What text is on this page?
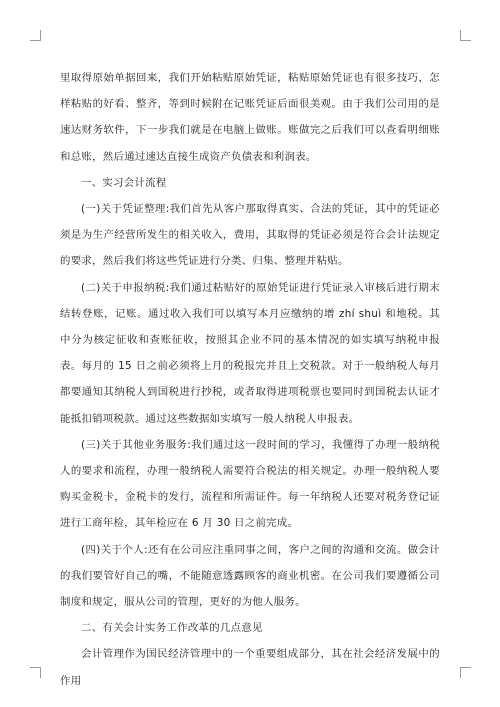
里取得原始单据回来，我们开始粘贴原始凭证，粘贴原始凭证也有很多技巧，怎样粘贴的好看、整齐，等到时候附在记账凭证后面很美观。由于我们公司用的是速达财务软件，下一步我们就是在电脑上做账。账做完之后我们可以查看明细账和总账，然后通过速达直接生成资产负债表和利润表。

一、实习会计流程

(一)关于凭证整理:我们首先从客户那取得真实、合法的凭证，其中的凭证必须是为生产经营所发生的相关收入，费用，其取得的凭证必须是符合会计法规定的要求，然后我们将这些凭证进行分类、归集、整理并粘贴。

(二)关于申报纳税:我们通过粘贴好的原始凭证进行凭证录入审核后进行期末结转登账，记账。通过收入我们可以填写本月应缴纳的增 zhí shuì 和地税。其中分为核定征收和查账征收，按照其企业不同的基本情况的如实填写纳税申报表。每月的 15 日之前必须将上月的税报完并且上交税款。对于一般纳税人每月都要通知其纳税人到国税进行抄税，或者取得进项税票也要同时到国税去认证才能抵扣销项税款。通过这些数据如实填写一般人纳税人申报表。

(三)关于其他业务服务:我们通过这一段时间的学习，我懂得了办理一般纳税人的要求和流程，办理一般纳税人需要符合税法的相关规定。办理一般纳税人要购买金税卡，金税卡的发行，流程和所需证件。每一年纳税人还要对税务登记证进行工商年检，其年检应在 6 月 30 日之前完成。

(四)关于个人:还有在公司应注重同事之间，客户之间的沟通和交流。做会计的我们要管好自己的嘴，不能随意透露顾客的商业机密。在公司我们要遵循公司制度和规定，服从公司的管理，更好的为他人服务。

二、有关会计实务工作改革的几点意见

会计管理作为国民经济管理中的一个重要组成部分，其在社会经济发展中的作用
